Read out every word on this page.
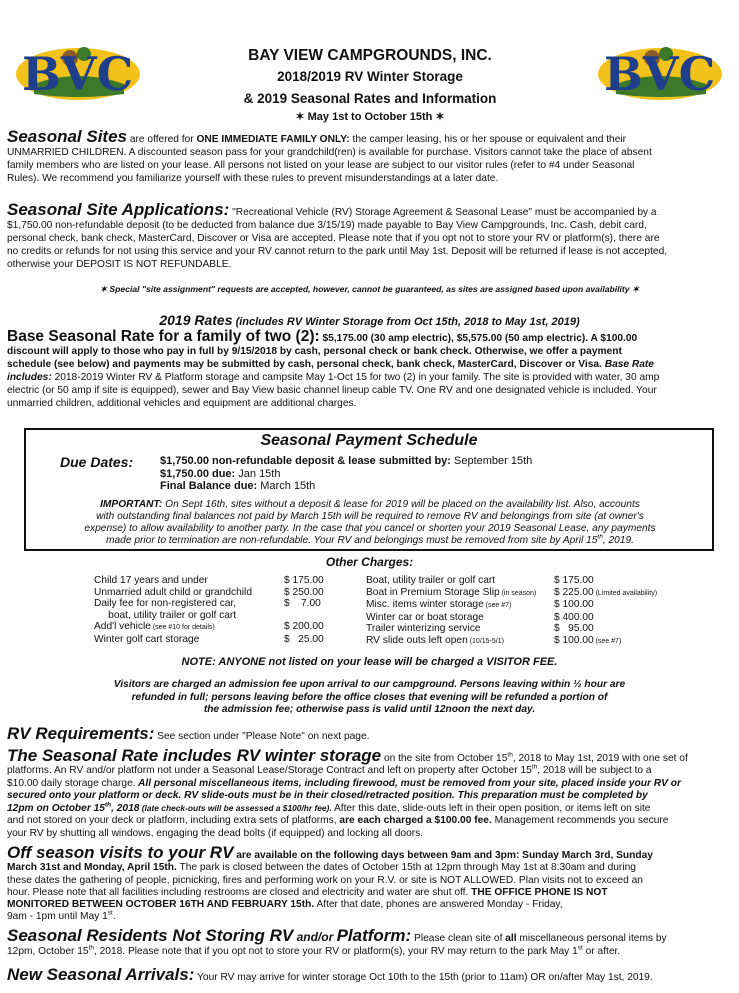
BVC	BVC
BAY VIEW CAMPGROUNDS, INC.
2018/2019 RV Winter Storage
& 2019 Seasonal Rates and Information
✶ May 1st to October 15th ✶
Seasonal Sites are offered for ONE IMMEDIATE FAMILY ONLY: the camper leasing, his or her spouse or equivalent and their
UNMARRIED CHILDREN. A discounted season pass for your grandchild(ren) is available for purchase. Visitors cannot take the place of absent
family members who are listed on your lease. All persons not listed on your lease are subject to our visitor rules (refer to #4 under Seasonal
Rules). We recommend you familiarize yourself with these rules to prevent misunderstandings at a later date.
Seasonal Site Applications: "Recreational Vehicle (RV) Storage Agreement & Seasonal Lease" must be accompanied by a
$1,750.00 non-refundable deposit (to be deducted from balance due 3/15/19) made payable to Bay View Campgrounds, Inc. Cash, debit card,
personal check, bank check, MasterCard, Discover or Visa are accepted. Please note that if you opt not to store your RV or platform(s), there are
no credits or refunds for not using this service and your RV cannot return to the park until May 1st. Deposit will be returned if lease is not accepted,
otherwise your DEPOSIT IS NOT REFUNDABLE.
✶ Special "site assignment" requests are accepted, however, cannot be guaranteed, as sites are assigned based upon availability ✶
2019 Rates (includes RV Winter Storage from Oct 15th, 2018 to May 1st, 2019)
Base Seasonal Rate for a family of two (2): $5,175.00 (30 amp electric), $5,575.00 (50 amp electric). A $100.00
discount will apply to those who pay in full by 9/15/2018 by cash, personal check or bank check. Otherwise, we offer a payment
schedule (see below) and payments may be submitted by cash, personal check, bank check, MasterCard, Discover or Visa. Base Rate
includes: 2018-2019 Winter RV & Platform storage and campsite May 1-Oct 15 for two (2) in your family. The site is provided with water, 30 amp
electric (or 50 amp if site is equipped), sewer and Bay View basic channel lineup cable TV. One RV and one designated vehicle is included. Your
unmarried children, additional vehicles and equipment are additional charges.
Seasonal Payment Schedule
Due Dates: $1,750.00 non-refundable deposit & lease submitted by: September 15th
$1,750.00 due: Jan 15th
Final Balance due: March 15th
IMPORTANT: On Sept 16th, sites without a deposit & lease for 2019 will be placed on the availability list. Also, accounts
with outstanding final balances not paid by March 15th will be required to remove RV and belongings from site (at owner's
expense) to allow availability to another party. In the case that you cancel or shorten your 2019 Seasonal Lease, any payments
made prior to termination are non-refundable. Your RV and belongings must be removed from site by April 15th, 2019.
Other Charges:
Child 17 years and under	$ 175.00
Unmarried adult child or grandchild	$ 250.00
Daily fee for non-registered car,	$    7.00
boat, utility trailer or golf cart	
Add'l vehicle (see #10 for details)	$ 200.00
Winter golf cart storage	$   25.00
Boat, utility trailer or golf cart	$ 175.00
Boat in Premium Storage Slip (in season)	$ 225.00 (Limited availability)
Misc. items winter storage (see #7)	$ 100.00
Winter car or boat storage	$ 400.00
Trailer winterizing service	$   95.00
RV slide outs left open (10/15-5/1)	$ 100.00 (see #7)
NOTE: ANYONE not listed on your lease will be charged a VISITOR FEE.
Visitors are charged an admission fee upon arrival to our campground. Persons leaving within ½ hour are
refunded in full; persons leaving before the office closes that evening will be refunded a portion of
the admission fee; otherwise pass is valid until 12noon the next day.
RV Requirements: See section under "Please Note" on next page.
The Seasonal Rate includes RV winter storage on the site from October 15th, 2018 to May 1st, 2019 with one set of
platforms. An RV and/or platform not under a Seasonal Lease/Storage Contract and left on property after October 15th, 2018 will be subject to a
$10.00 daily storage charge. All personal miscellaneous items, including firewood, must be removed from your site, placed inside your RV or
secured onto your platform or deck. RV slide-outs must be in their closed/retracted position. This preparation must be completed by
12pm on October 15th, 2018 (late check-outs will be assessed a $100/hr fee). After this date, slide-outs left in their open position, or items left on site
and not stored on your deck or platform, including extra sets of platforms, are each charged a $100.00 fee. Management recommends you secure
your RV by shutting all windows, engaging the dead bolts (if equipped) and locking all doors.
Off season visits to your RV are available on the following days between 9am and 3pm: Sunday March 3rd, Sunday
March 31st and Monday, April 15th. The park is closed between the dates of October 15th at 12pm through May 1st at 8:30am and during
these dates the gathering of people, picnicking, fires and performing work on your R.V. or site is NOT ALLOWED. Plan visits not to exceed an
hour. Please note that all facilities including restrooms are closed and electricity and water are shut off. THE OFFICE PHONE IS NOT
MONITORED BETWEEN OCTOBER 16TH AND FEBRUARY 15th. After that date, phones are answered Monday - Friday,
9am - 1pm until May 1st.
Seasonal Residents Not Storing RV and/or Platform: Please clean site of all miscellaneous personal items by
12pm, October 15th, 2018. Please note that if you opt not to store your RV or platform(s), your RV may return to the park May 1st or after.
New Seasonal Arrivals: Your RV may arrive for winter storage Oct 10th to the 15th (prior to 11am) OR on/after May 1st, 2019.
